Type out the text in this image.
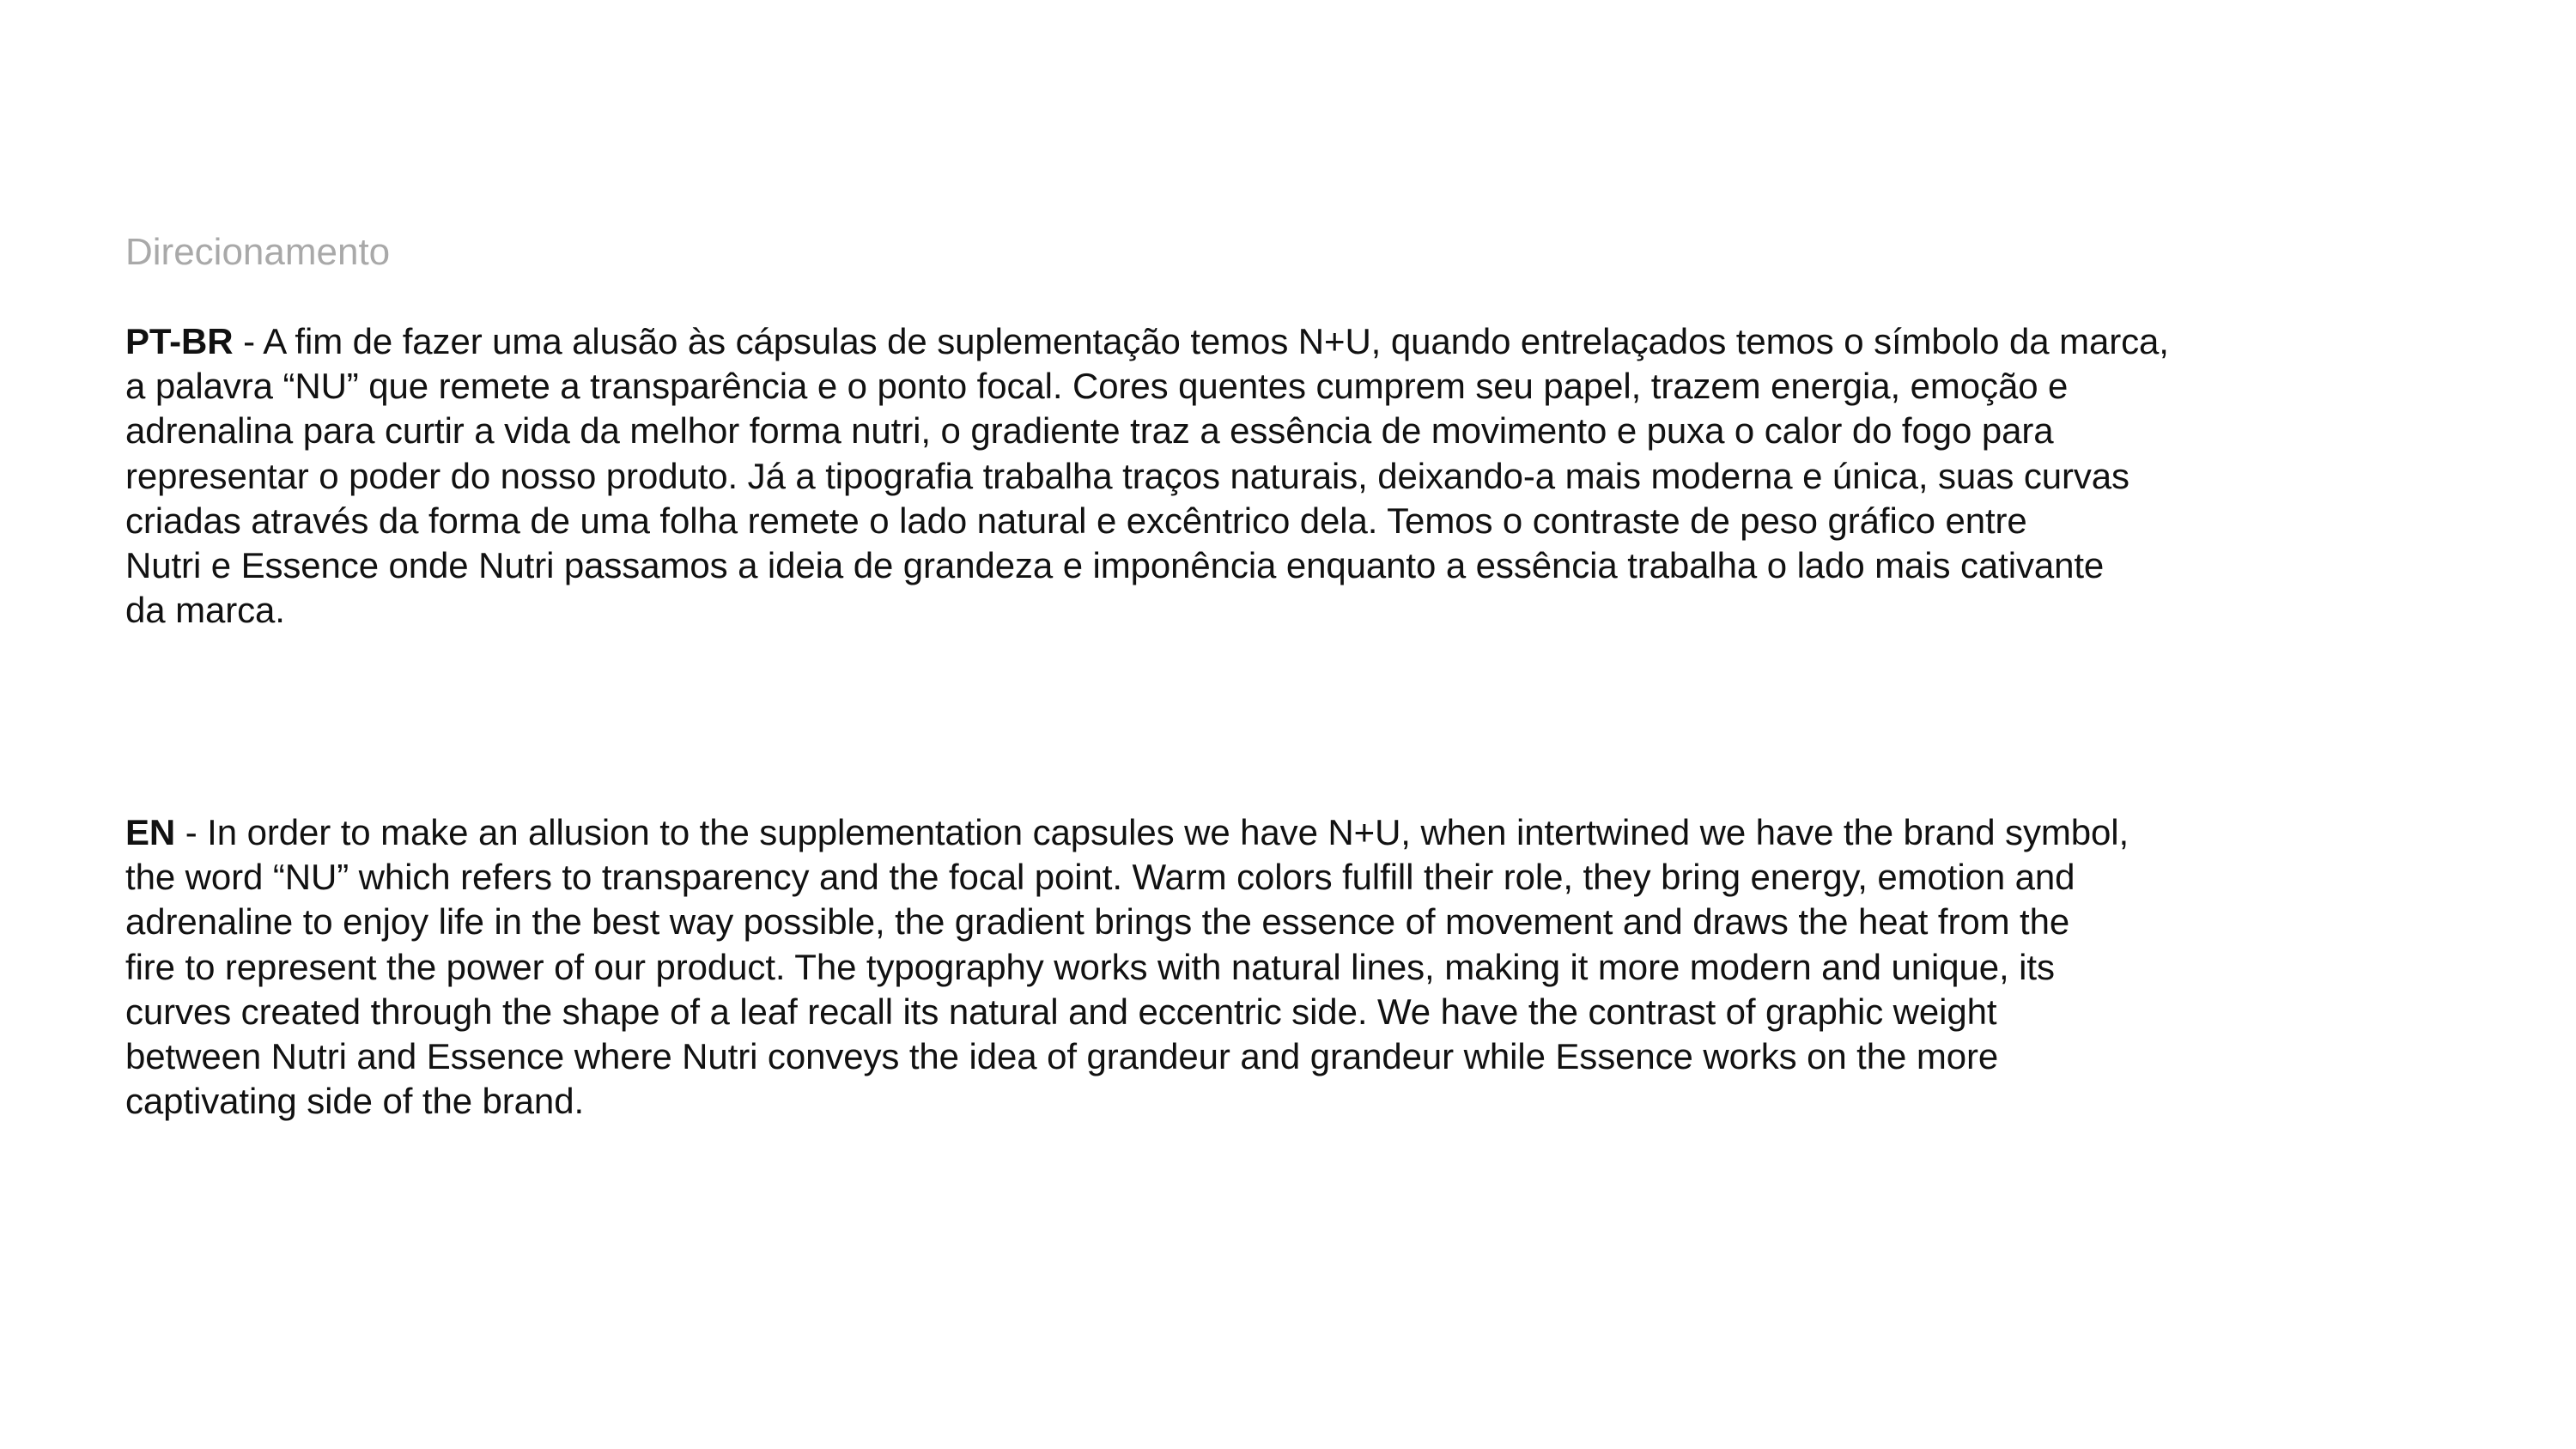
Direcionamento

PT-BR - A fim de fazer uma alusão às cápsulas de suplementação temos N+U, quando entrelaçados temos o símbolo da marca,
a palavra “NU” que remete a transparência e o ponto focal. Cores quentes cumprem seu papel, trazem energia, emoção e
adrenalina para curtir a vida da melhor forma nutri, o gradiente traz a essência de movimento e puxa o calor do fogo para
representar o poder do nosso produto. Já a tipografia trabalha traços naturais, deixando-a mais moderna e única, suas curvas
criadas através da forma de uma folha remete o lado natural e excêntrico dela. Temos o contraste de peso gráfico entre
Nutri e Essence onde Nutri passamos a ideia de grandeza e imponência enquanto a essência trabalha o lado mais cativante
da marca.

EN - In order to make an allusion to the supplementation capsules we have N+U, when intertwined we have the brand symbol,
the word “NU” which refers to transparency and the focal point. Warm colors fulfill their role, they bring energy, emotion and
adrenaline to enjoy life in the best way possible, the gradient brings the essence of movement and draws the heat from the
fire to represent the power of our product. The typography works with natural lines, making it more modern and unique, its
curves created through the shape of a leaf recall its natural and eccentric side. We have the contrast of graphic weight
between Nutri and Essence where Nutri conveys the idea of grandeur and grandeur while Essence works on the more
captivating side of the brand.
